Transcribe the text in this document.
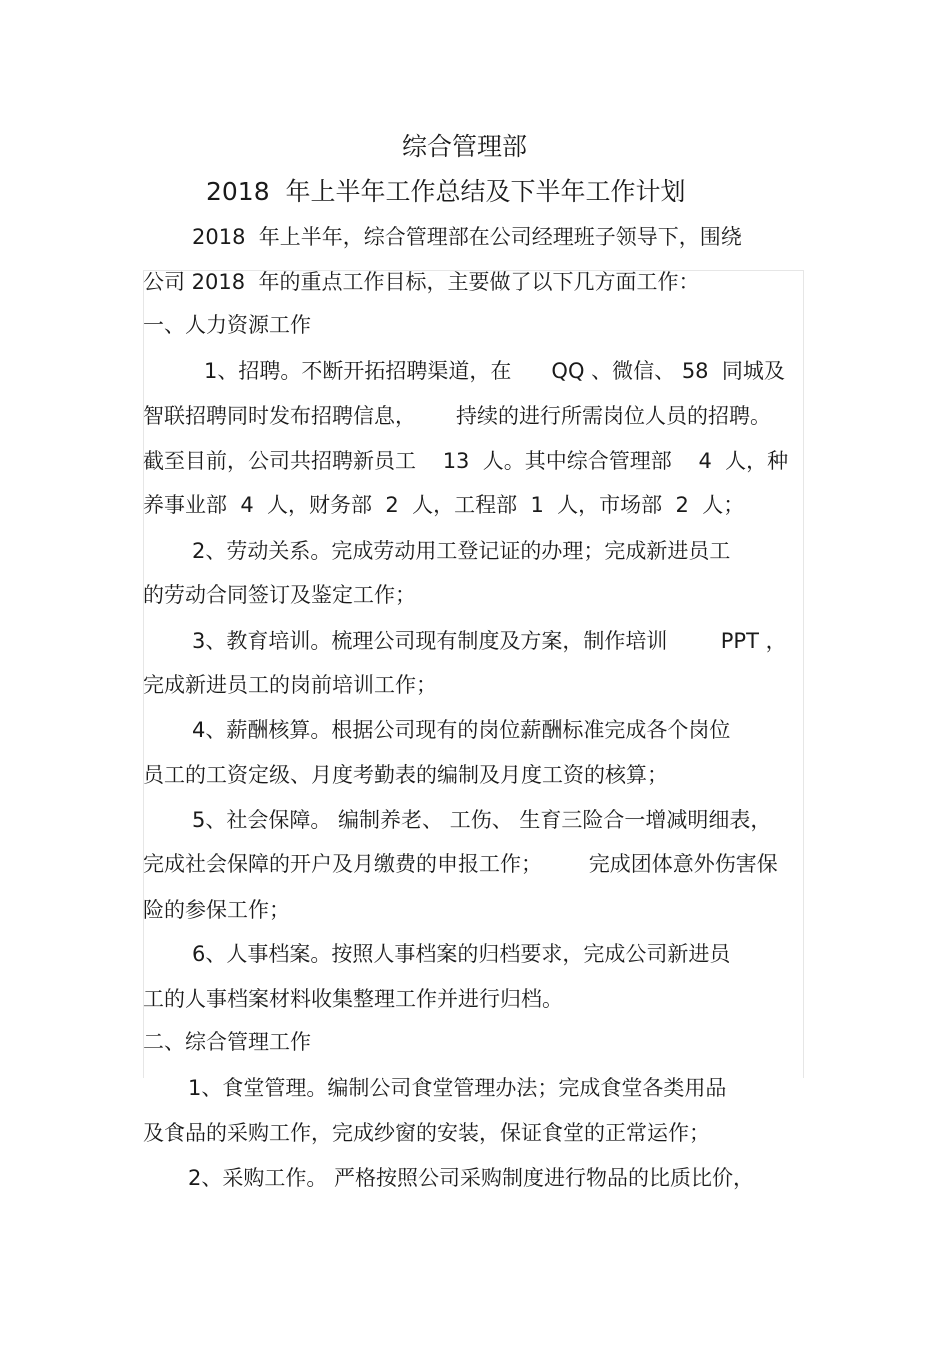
综合管理部
2018  年上半年工作总结及下半年工作计划
2018  年上半年，综合管理部在公司经理班子领导下，围绕
公司 2018  年的重点工作目标，主要做了以下几方面工作：
一、人力资源工作
1、招聘。不断开拓招聘渠道，在      QQ 、微信、 58  同城及
智联招聘同时发布招聘信息，      持续的进行所需岗位人员的招聘。
截至目前，公司共招聘新员工    13  人。其中综合管理部    4  人，种
养事业部  4  人，财务部  2  人，工程部  1  人，市场部  2  人；
2、劳动关系。完成劳动用工登记证的办理；完成新进员工
的劳动合同签订及鉴定工作；
3、教育培训。梳理公司现有制度及方案，制作培训        PPT ，
完成新进员工的岗前培训工作；
4、薪酬核算。根据公司现有的岗位薪酬标准完成各个岗位
员工的工资定级、月度考勤表的编制及月度工资的核算；
5、社会保障。 编制养老、 工伤、 生育三险合一增减明细表，
完成社会保障的开户及月缴费的申报工作；       完成团体意外伤害保
险的参保工作；
6、人事档案。按照人事档案的归档要求，完成公司新进员
工的人事档案材料收集整理工作并进行归档。
二、综合管理工作
1、食堂管理。编制公司食堂管理办法；完成食堂各类用品
及食品的采购工作，完成纱窗的安装，保证食堂的正常运作；
2、采购工作。 严格按照公司采购制度进行物品的比质比价，
